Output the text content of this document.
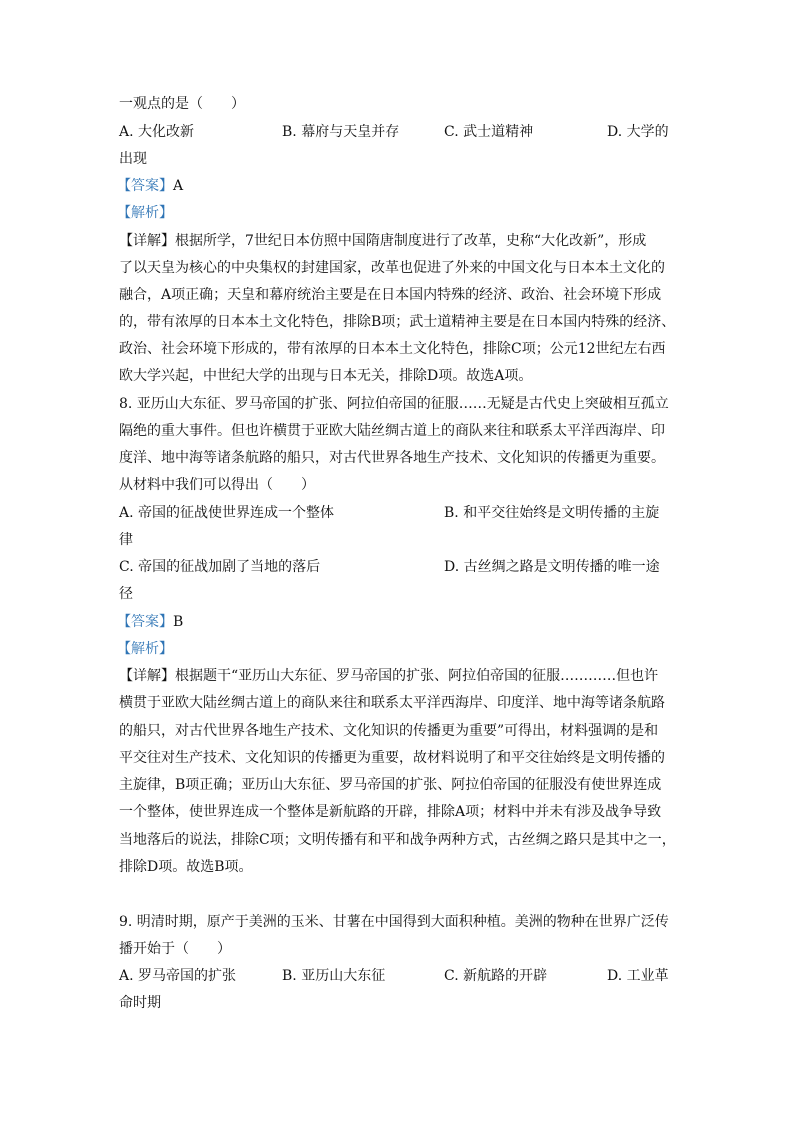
一观点的是（　　）
A. 大化改新	B. 幕府与天皇并存	C. 武士道精神	D. 大学的
出现
【答案】A
【解析】
【详解】根据所学，7世纪日本仿照中国隋唐制度进行了改革，史称“大化改新”，形成
了以天皇为核心的中央集权的封建国家，改革也促进了外来的中国文化与日本本土文化的
融合，A项正确；天皇和幕府统治主要是在日本国内特殊的经济、政治、社会环境下形成
的，带有浓厚的日本本土文化特色，排除B项；武士道精神主要是在日本国内特殊的经济、
政治、社会环境下形成的，带有浓厚的日本本土文化特色，排除C项；公元12世纪左右西
欧大学兴起，中世纪大学的出现与日本无关，排除D项。故选A项。
8. 亚历山大东征、罗马帝国的扩张、阿拉伯帝国的征服……无疑是古代史上突破相互孤立
隔绝的重大事件。但也许横贯于亚欧大陆丝绸古道上的商队来往和联系太平洋西海岸、印
度洋、地中海等诸条航路的船只，对古代世界各地生产技术、文化知识的传播更为重要。
从材料中我们可以得出（　　）
A. 帝国的征战使世界连成一个整体	B. 和平交往始终是文明传播的主旋
律
C. 帝国的征战加剧了当地的落后	D. 古丝绸之路是文明传播的唯一途
径
【答案】B
【解析】
【详解】根据题干“亚历山大东征、罗马帝国的扩张、阿拉伯帝国的征服…………但也许
横贯于亚欧大陆丝绸古道上的商队来往和联系太平洋西海岸、印度洋、地中海等诸条航路
的船只，对古代世界各地生产技术、文化知识的传播更为重要”可得出，材料强调的是和
平交往对生产技术、文化知识的传播更为重要，故材料说明了和平交往始终是文明传播的
主旋律，B项正确；亚历山大东征、罗马帝国的扩张、阿拉伯帝国的征服没有使世界连成
一个整体，使世界连成一个整体是新航路的开辟，排除A项；材料中并未有涉及战争导致
当地落后的说法，排除C项；文明传播有和平和战争两种方式，古丝绸之路只是其中之一，
排除D项。故选B项。
9. 明清时期，原产于美洲的玉米、甘薯在中国得到大面积种植。美洲的物种在世界广泛传
播开始于（　　）
A. 罗马帝国的扩张	B. 亚历山大东征	C. 新航路的开辟	D. 工业革
命时期
